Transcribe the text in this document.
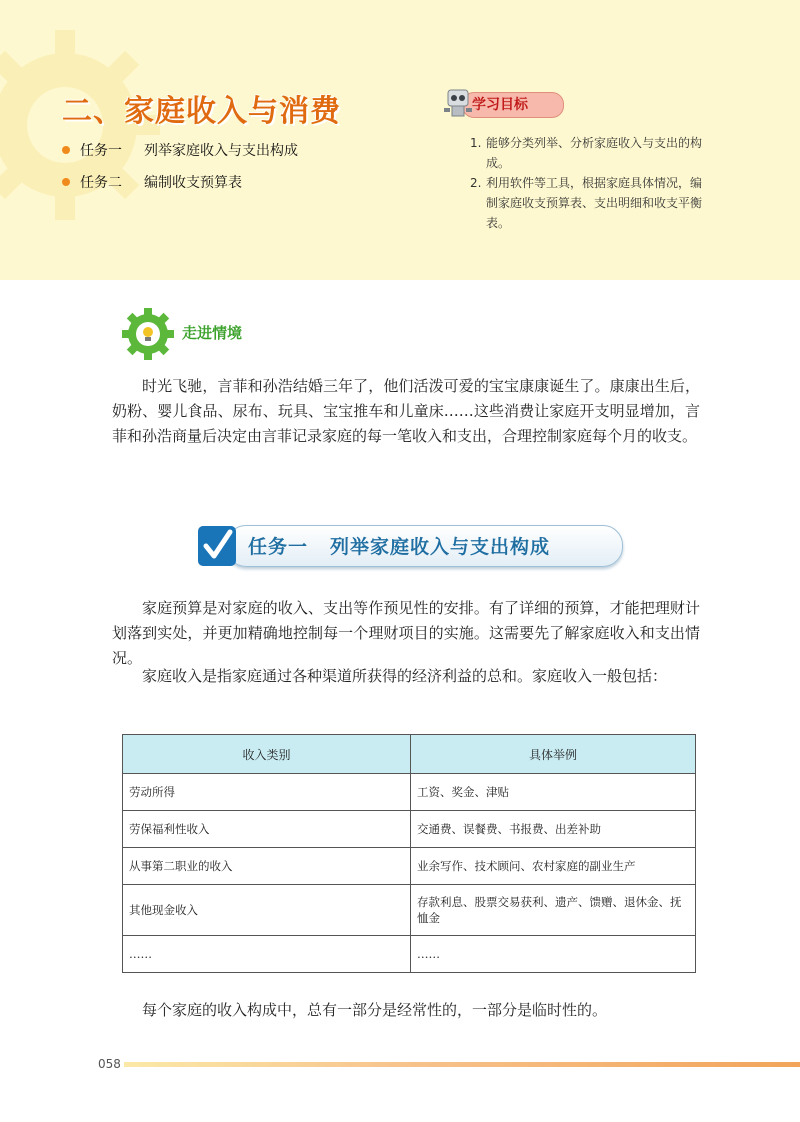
二、家庭收入与消费
任务一 列举家庭收入与支出构成
任务二 编制收支预算表
学习目标
1. 能够分类列举、分析家庭收入与支出的构成。
2. 利用软件等工具，根据家庭具体情况，编制家庭收支预算表、支出明细和收支平衡表。
走进情境

时光飞驰，言菲和孙浩结婚三年了，他们活泼可爱的宝宝康康诞生了。康康出生后，奶粉、婴儿食品、尿布、玩具、宝宝推车和儿童床……这些消费让家庭开支明显增加，言菲和孙浩商量后决定由言菲记录家庭的每一笔收入和支出，合理控制家庭每个月的收支。

任务一 列举家庭收入与支出构成

家庭预算是对家庭的收入、支出等作预见性的安排。有了详细的预算，才能把理财计划落到实处，并更加精确地控制每一个理财项目的实施。这需要先了解家庭收入和支出情况。

家庭收入是指家庭通过各种渠道所获得的经济利益的总和。家庭收入一般包括：

收入类别	具体举例
劳动所得	工资、奖金、津贴
劳保福利性收入	交通费、误餐费、书报费、出差补助
从事第二职业的收入	业余写作、技术顾问、农村家庭的副业生产
其他现金收入	存款利息、股票交易获利、遗产、馈赠、退休金、抚恤金
……	……

每个家庭的收入构成中，总有一部分是经常性的，一部分是临时性的。

058
